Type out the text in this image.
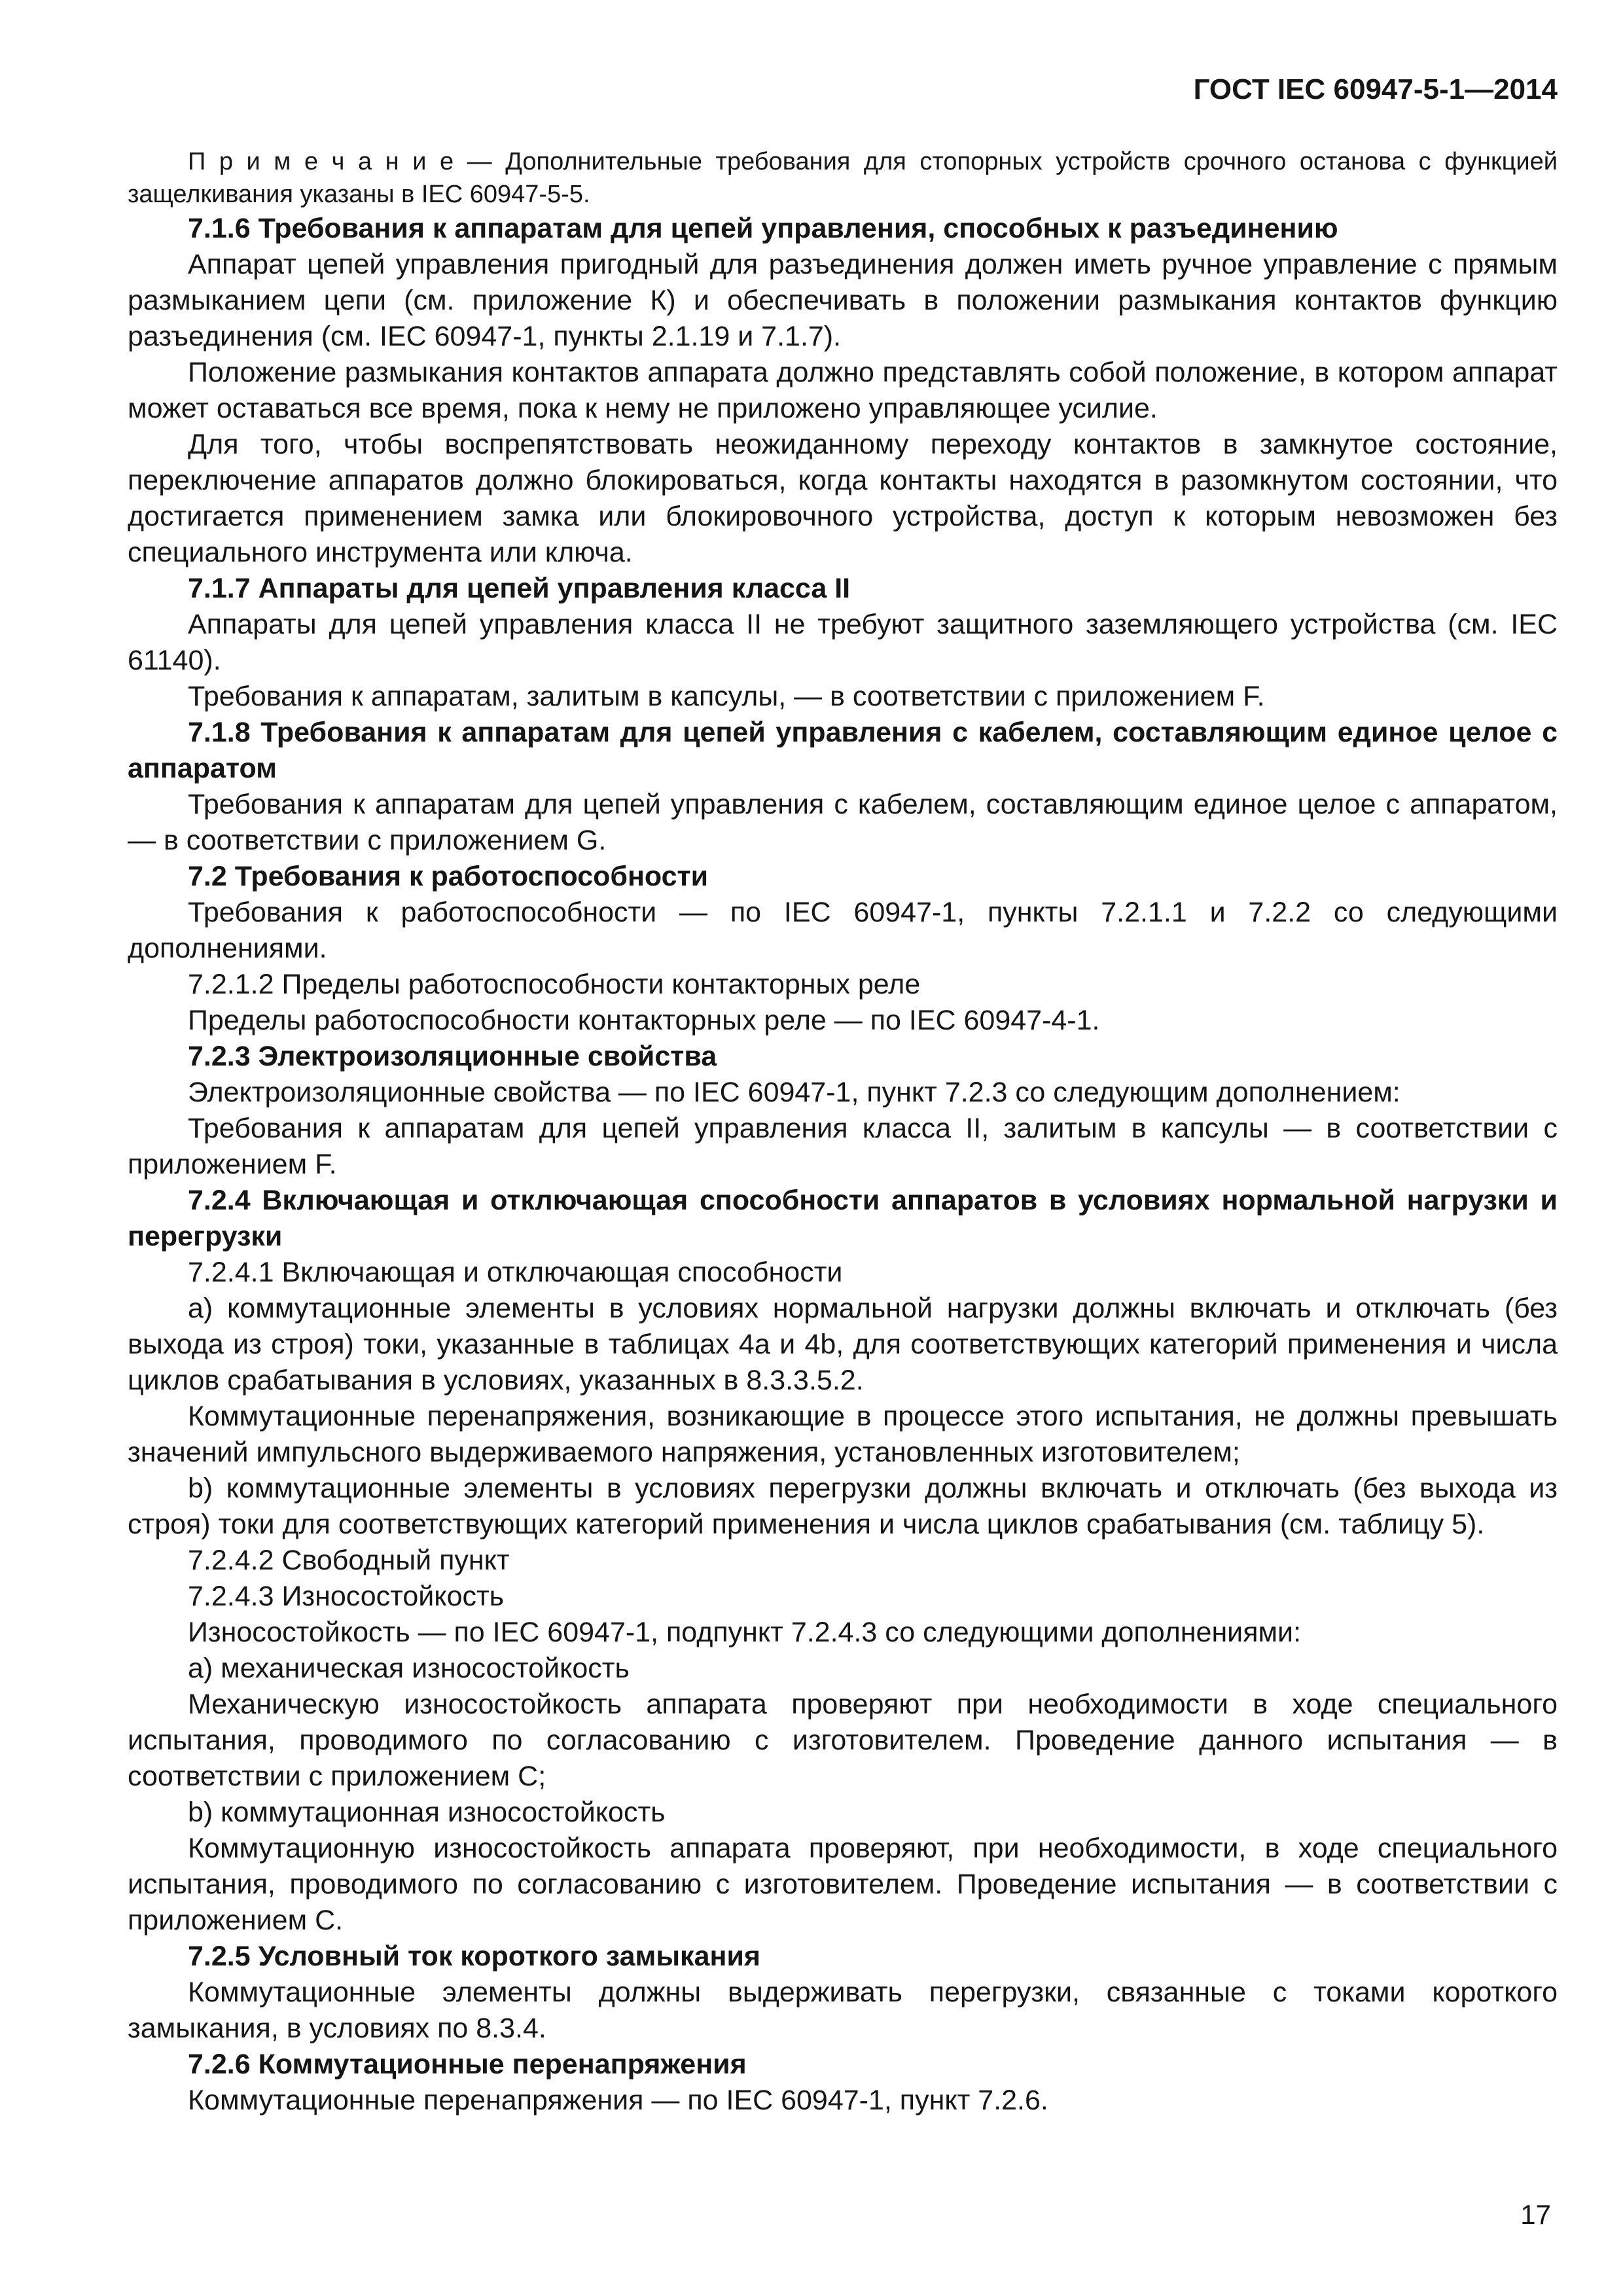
ГОСТ IEC 60947-5-1—2014

П р и м е ч а н и е — Дополнительные требования для стопорных устройств срочного останова с функцией защелкивания указаны в IEC 60947-5-5.

7.1.6 Требования к аппаратам для цепей управления, способных к разъединению

Аппарат цепей управления пригодный для разъединения должен иметь ручное управление с прямым размыканием цепи (см. приложение К) и обеспечивать в положении размыкания контактов функцию разъединения (см. IEC 60947-1, пункты 2.1.19 и 7.1.7).

Положение размыкания контактов аппарата должно представлять собой положение, в котором аппарат может оставаться все время, пока к нему не приложено управляющее усилие.

Для того, чтобы воспрепятствовать неожиданному переходу контактов в замкнутое состояние, переключение аппаратов должно блокироваться, когда контакты находятся в разомкнутом состоянии, что достигается применением замка или блокировочного устройства, доступ к которым невозможен без специального инструмента или ключа.

7.1.7 Аппараты для цепей управления класса II

Аппараты для цепей управления класса II не требуют защитного заземляющего устройства (см. IEC 61140).

Требования к аппаратам, залитым в капсулы, — в соответствии с приложением F.

7.1.8 Требования к аппаратам для цепей управления с кабелем, составляющим единое целое с аппаратом

Требования к аппаратам для цепей управления с кабелем, составляющим единое целое с аппаратом, — в соответствии с приложением G.

7.2 Требования к работоспособности

Требования к работоспособности — по IEC 60947-1, пункты 7.2.1.1 и 7.2.2 со следующими дополнениями.

7.2.1.2 Пределы работоспособности контакторных реле

Пределы работоспособности контакторных реле — по IEC 60947-4-1.

7.2.3 Электроизоляционные свойства

Электроизоляционные свойства — по IEC 60947-1, пункт 7.2.3 со следующим дополнением:

Требования к аппаратам для цепей управления класса II, залитым в капсулы — в соответствии с приложением F.

7.2.4 Включающая и отключающая способности аппаратов в условиях нормальной нагрузки и перегрузки

7.2.4.1 Включающая и отключающая способности

a) коммутационные элементы в условиях нормальной нагрузки должны включать и отключать (без выхода из строя) токи, указанные в таблицах 4a и 4b, для соответствующих категорий применения и числа циклов срабатывания в условиях, указанных в 8.3.3.5.2.

Коммутационные перенапряжения, возникающие в процессе этого испытания, не должны превышать значений импульсного выдерживаемого напряжения, установленных изготовителем;

b) коммутационные элементы в условиях перегрузки должны включать и отключать (без выхода из строя) токи для соответствующих категорий применения и числа циклов срабатывания (см. таблицу 5).

7.2.4.2 Свободный пункт

7.2.4.3 Износостойкость

Износостойкость — по IEC 60947-1, подпункт 7.2.4.3 со следующими дополнениями:

a) механическая износостойкость

Механическую износостойкость аппарата проверяют при необходимости в ходе специального испытания, проводимого по согласованию с изготовителем. Проведение данного испытания — в соответствии с приложением C;

b) коммутационная износостойкость

Коммутационную износостойкость аппарата проверяют, при необходимости, в ходе специального испытания, проводимого по согласованию с изготовителем. Проведение испытания — в соответствии с приложением C.

7.2.5 Условный ток короткого замыкания

Коммутационные элементы должны выдерживать перегрузки, связанные с токами короткого замыкания, в условиях по 8.3.4.

7.2.6 Коммутационные перенапряжения

Коммутационные перенапряжения — по IEC 60947-1, пункт 7.2.6.

17
